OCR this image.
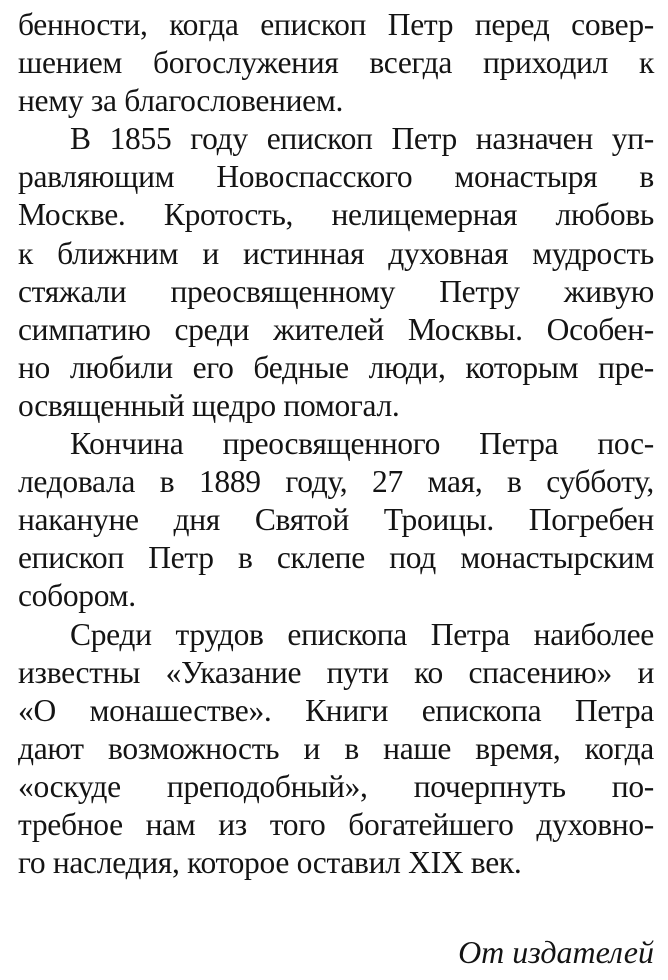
бенности, когда епископ Петр перед совер-
шением богослужения всегда приходил к
нему за благословением.

В 1855 году епископ Петр назначен уп-
равляющим Новоспасского монастыря в
Москве. Кротость, нелицемерная любовь
к ближним и истинная духовная мудрость
стяжали преосвященному Петру живую
симпатию среди жителей Москвы. Особен-
но любили его бедные люди, которым пре-
освященный щедро помогал.

Кончина преосвященного Петра пос-
ледовала в 1889 году, 27 мая, в субботу,
накануне дня Святой Троицы. Погребен
епископ Петр в склепе под монастырским
собором.

Среди трудов епископа Петра наиболее
известны «Указание пути ко спасению» и
«О монашестве». Книги епископа Петра
дают возможность и в наше время, когда
«оскуде преподобный», почерпнуть по-
требное нам из того богатейшего духовно-
го наследия, которое оставил XIX век.

От издателей
